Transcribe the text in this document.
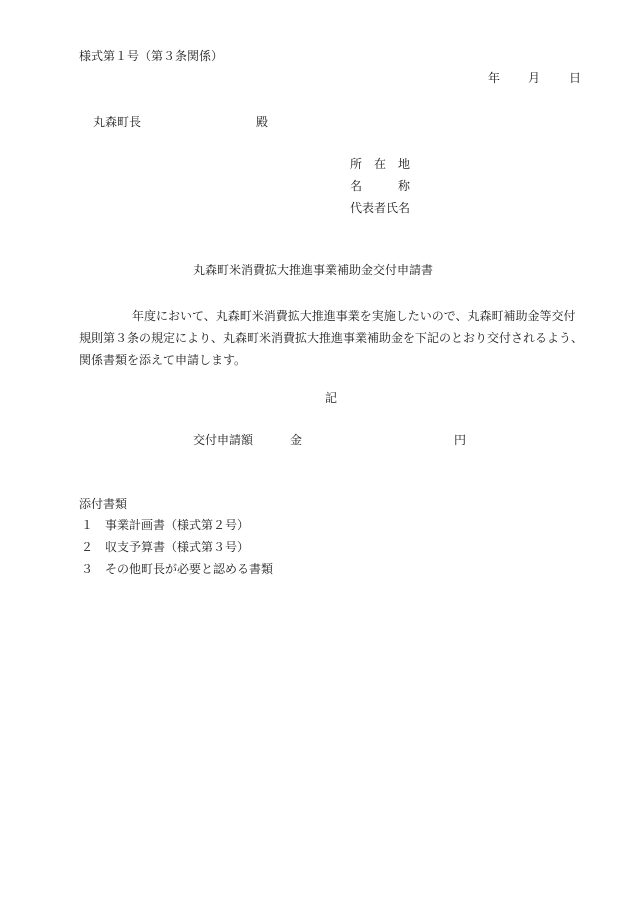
様式第１号（第３条関係）
年 月 日
丸森町長	殿
所　在　地
名　　　称
代表者氏名
丸森町米消費拡大推進事業補助金交付申請書
年度において、丸森町米消費拡大推進事業を実施したいので、丸森町補助金等交付規則第３条の規定により、丸森町米消費拡大推進事業補助金を下記のとおり交付されるよう、関係書類を添えて申請します。
記
交付申請額	金	円
添付書類
１ 事業計画書（様式第２号）
２ 収支予算書（様式第３号）
３ その他町長が必要と認める書類
